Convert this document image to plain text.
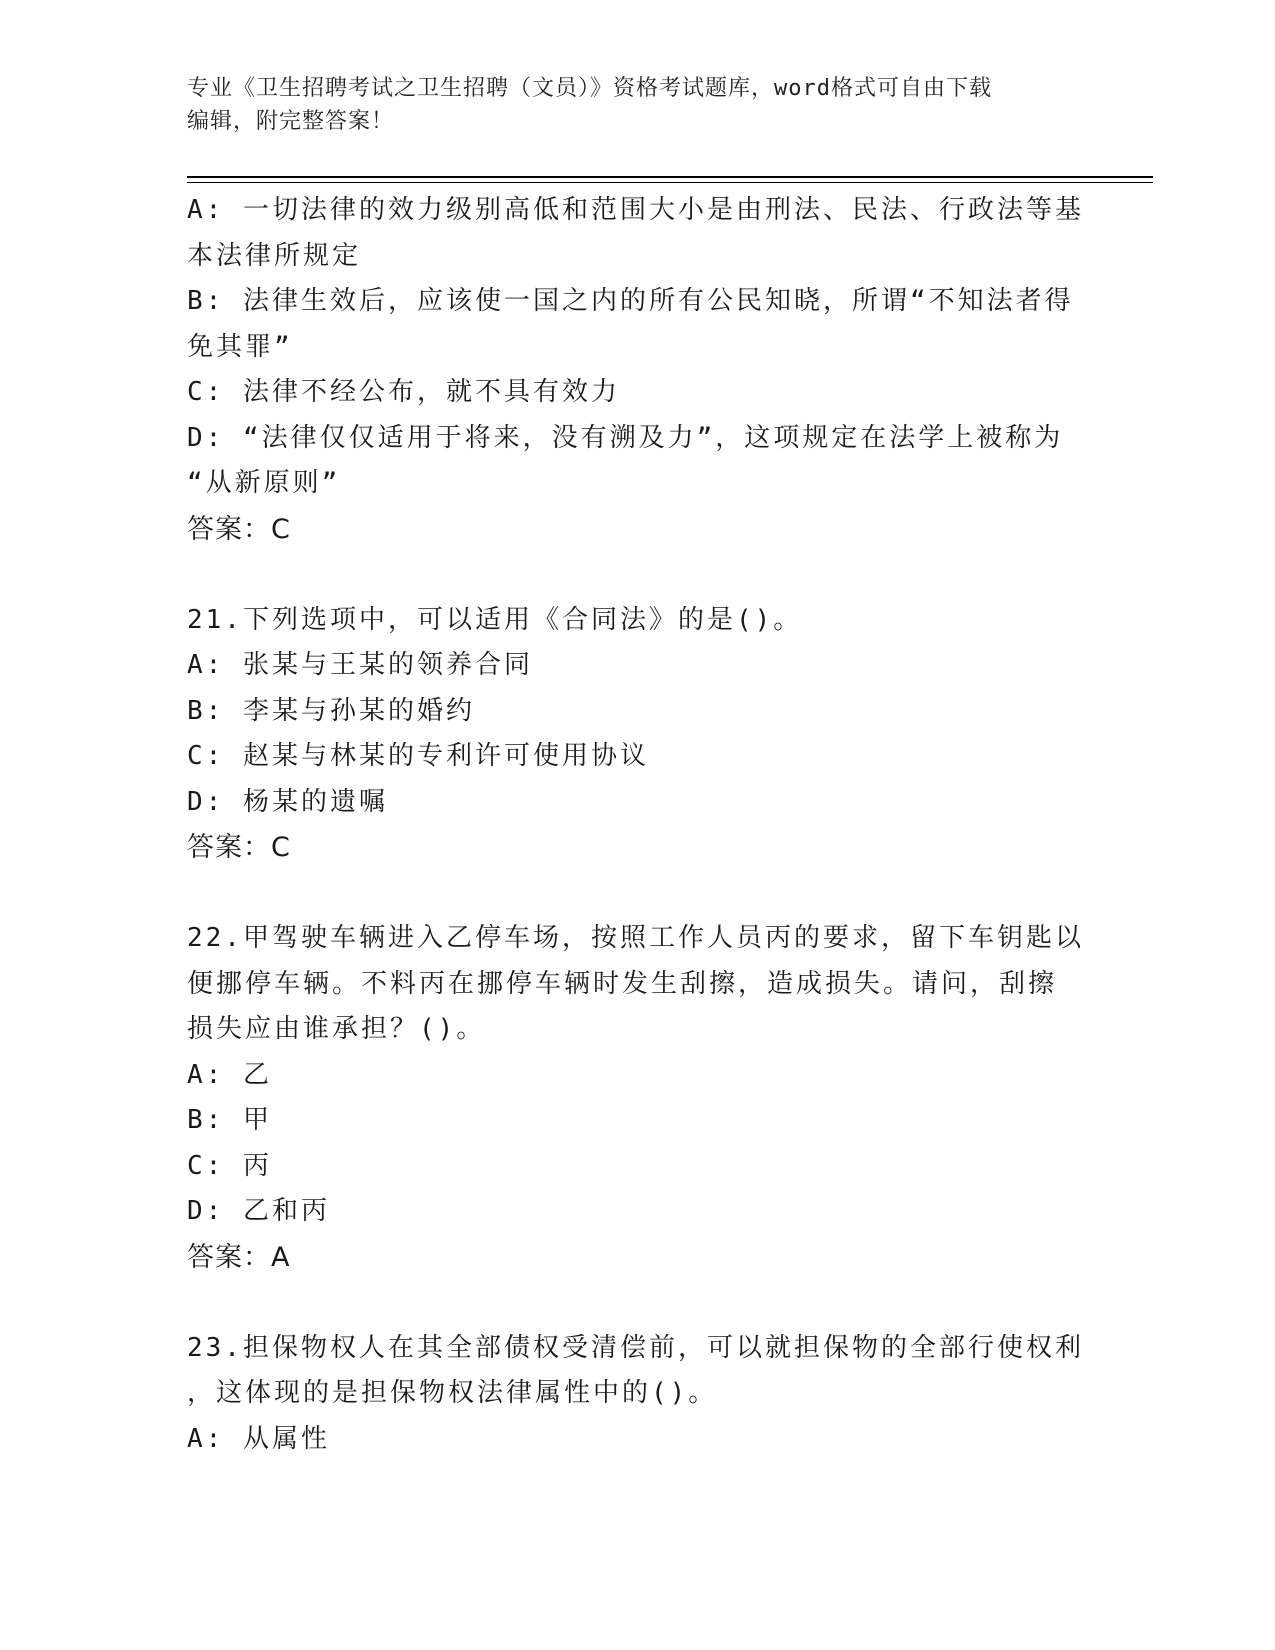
专业《卫生招聘考试之卫生招聘（文员）》资格考试题库，word格式可自由下载
编辑，附完整答案！

A: 一切法律的效力级别高低和范围大小是由刑法、民法、行政法等基

本法律所规定

B: 法律生效后，应该使一国之内的所有公民知晓，所谓“不知法者得

免其罪”

C: 法律不经公布，就不具有效力

D: “法律仅仅适用于将来，没有溯及力”，这项规定在法学上被称为

“从新原则”

答案：C

21.下列选项中，可以适用《合同法》的是()。

A: 张某与王某的领养合同

B: 李某与孙某的婚约

C: 赵某与林某的专利许可使用协议

D: 杨某的遗嘱

答案：C

22.甲驾驶车辆进入乙停车场，按照工作人员丙的要求，留下车钥匙以

便挪停车辆。不料丙在挪停车辆时发生刮擦，造成损失。请问，刮擦

损失应由谁承担？()。

A: 乙

B: 甲

C: 丙

D: 乙和丙

答案：A

23.担保物权人在其全部债权受清偿前，可以就担保物的全部行使权利

，这体现的是担保物权法律属性中的()。

A: 从属性
